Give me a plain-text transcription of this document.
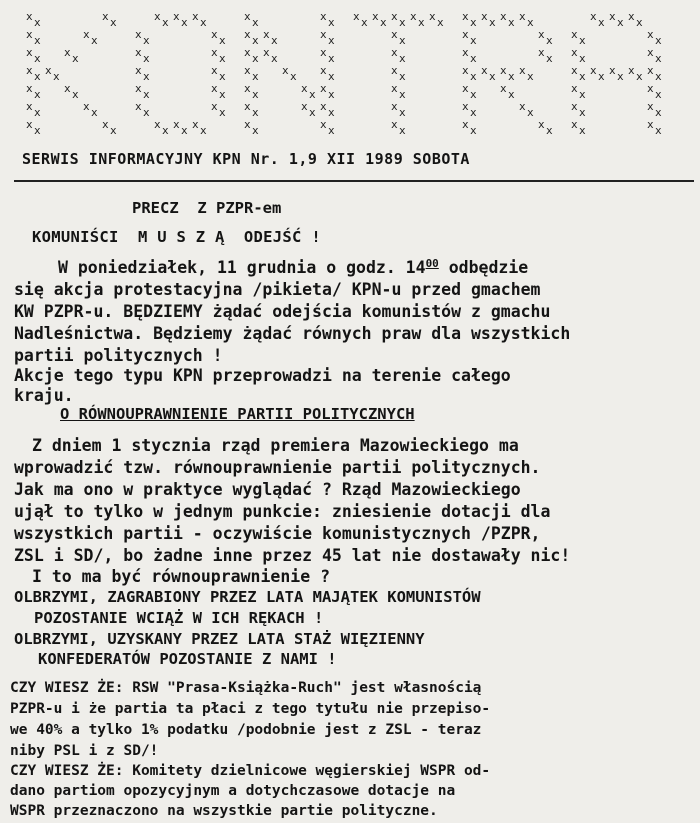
KONTRA
x x	x x
x x	x x
x x x x
x x x x
x x x x
x x	x x
x x	x x
x x x x x x
x x	x x
x x	x x
x x	x x
x x	x x
x x	x x
x x x x x x
x x	x x
x x x x	x x
x x x x	x x
x x x x x x
x x	x x x x
x x	x x x x
x x	x x
x x x x x x x x x x
x x
x x
x x
x x
x x
x x
x x x x x x x x
x x	x x
x x	x x
x x x x x x x x
x x x x
x x	x x
x x	x x
x x x x x x
x x	x x
x x	x x
x x x x x x x x x x
x x	x x
x x	x x
x x	x x
SERWIS INFORMACYJNY KPN Nr. 1,9 XII 1989 SOBOTA
PRECZ  Z PZPR-em
KOMUNIŚCI  M U S Z Ą  ODEJŚĆ !
W poniedziałek, 11 grudnia o godz. $14^{00}$ odbędzie
się akcja protestacyjna /pikieta/ KPN-u przed gmachem
KW PZPR-u. BĘDZIEMY żądać odejścia komunistów z gmachu
Nadleśnictwa. Będziemy żądać równych praw dla wszystkich
partii politycznych !
Akcje tego typu KPN przeprowadzi na terenie całego
kraju.
O RÓWNOUPRAWNIENIE PARTII POLITYCZNYCH
Z dniem 1 stycznia rząd premiera Mazowieckiego ma
wprowadzić tzw. równouprawnienie partii politycznych.
Jak ma ono w praktyce wyglądać ? Rząd Mazowieckiego
ujął to tylko w jednym punkcie: zniesienie dotacji dla
wszystkich partii - oczywiście komunistycznych /PZPR,
ZSL i SD/, bo żadne inne przez 45 lat nie dostawały nic!
I to ma być równouprawnienie ?
OLBRZYMI, ZAGRABIONY PRZEZ LATA MAJĄTEK KOMUNISTÓW
POZOSTANIE WCIĄŻ W ICH RĘKACH !
OLBRZYMI, UZYSKANY PRZEZ LATA STAŻ WIĘZIENNY
KONFEDERATÓW POZOSTANIE Z NAMI !
CZY WIESZ ŻE: RSW "Prasa-Książka-Ruch" jest własnością
PZPR-u i że partia ta płaci z tego tytułu nie przepiso-
we 40% a tylko 1% podatku /podobnie jest z ZSL - teraz
niby PSL i z SD/!
CZY WIESZ ŻE: Komitety dzielnicowe węgierskiej WSPR od-
dano partiom opozycyjnym a dotychczasowe dotacje na
WSPR przeznaczono na wszystkie partie polityczne.
